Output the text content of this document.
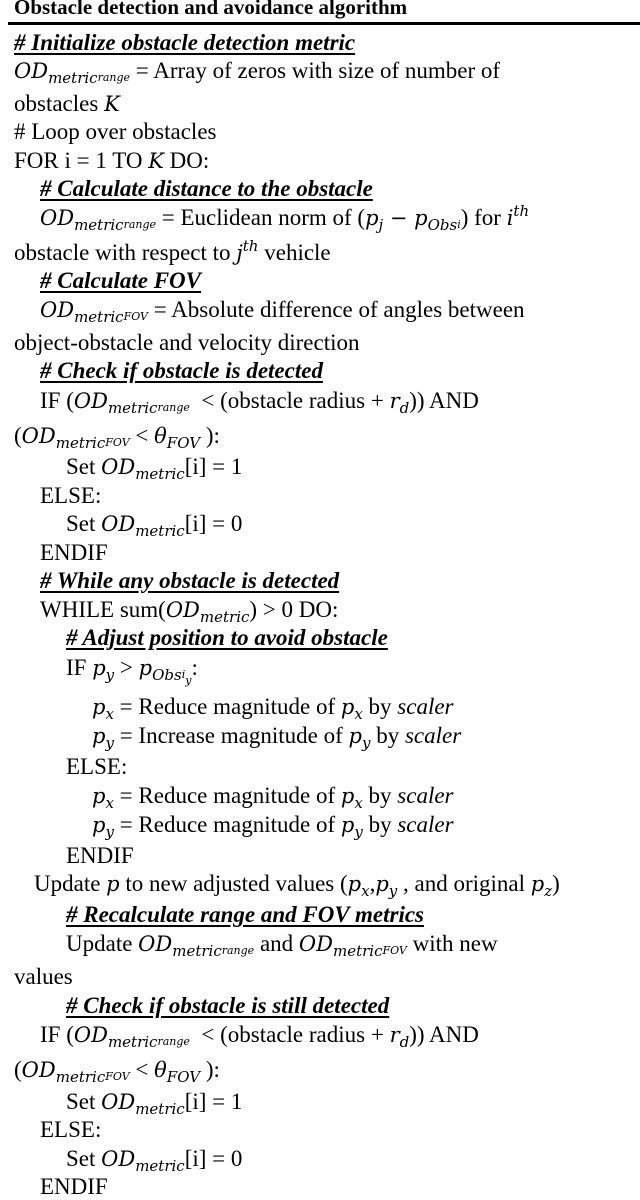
Obstacle detection and avoidance algorithm
# Initialize obstacle detection metric
$OD_{metric}range$ = Array of zeros with size of number of
obstacles K
# Loop over obstacles
FOR i = 1 TO K DO:
# Calculate distance to the obstacle
$OD_{metric}range$ = Euclidean norm of $(p_j - p_{Obs}i)$ for $i^{th}$
obstacle with respect to $j^{th}$ vehicle
# Calculate FOV
$OD_{metric}FOV$ = Absolute difference of angles between
object-obstacle and velocity direction
# Check if obstacle is detected
IF ($OD_{metric}range$  < (obstacle radius + $r_d$)) AND
($OD_{metric}FOV < \theta_{FOV}$ ):
Set $OD_{metric}[i] = 1$
ELSE:
Set $OD_{metric}[i] = 0$
ENDIF
# While any obstacle is detected
WHILE $sum(OD_{metric}) > 0$ DO:
# Adjust position to avoid obstacle
IF $p_y > p_{Obs}i_y$:
$p_x$ = Reduce magnitude of $p_x$ by scaler
$p_y$ = Increase magnitude of $p_y$ by scaler
ELSE:
$p_x$ = Reduce magnitude of $p_x$ by scaler
$p_y$ = Reduce magnitude of $p_y$ by scaler
ENDIF
Update p to new adjusted values ($p_x,p_y$ , and original $p_z$)
# Recalculate range and FOV metrics
Update $OD_{metric}range$ and $OD_{metric}FOV$ with new
values
# Check if obstacle is still detected
IF ($OD_{metric}range$  < (obstacle radius + $r_d$)) AND
($OD_{metric}FOV < \theta_{FOV}$ ):
Set $OD_{metric}[i] = 1$
ELSE:
Set $OD_{metric}[i] = 0$
ENDIF
